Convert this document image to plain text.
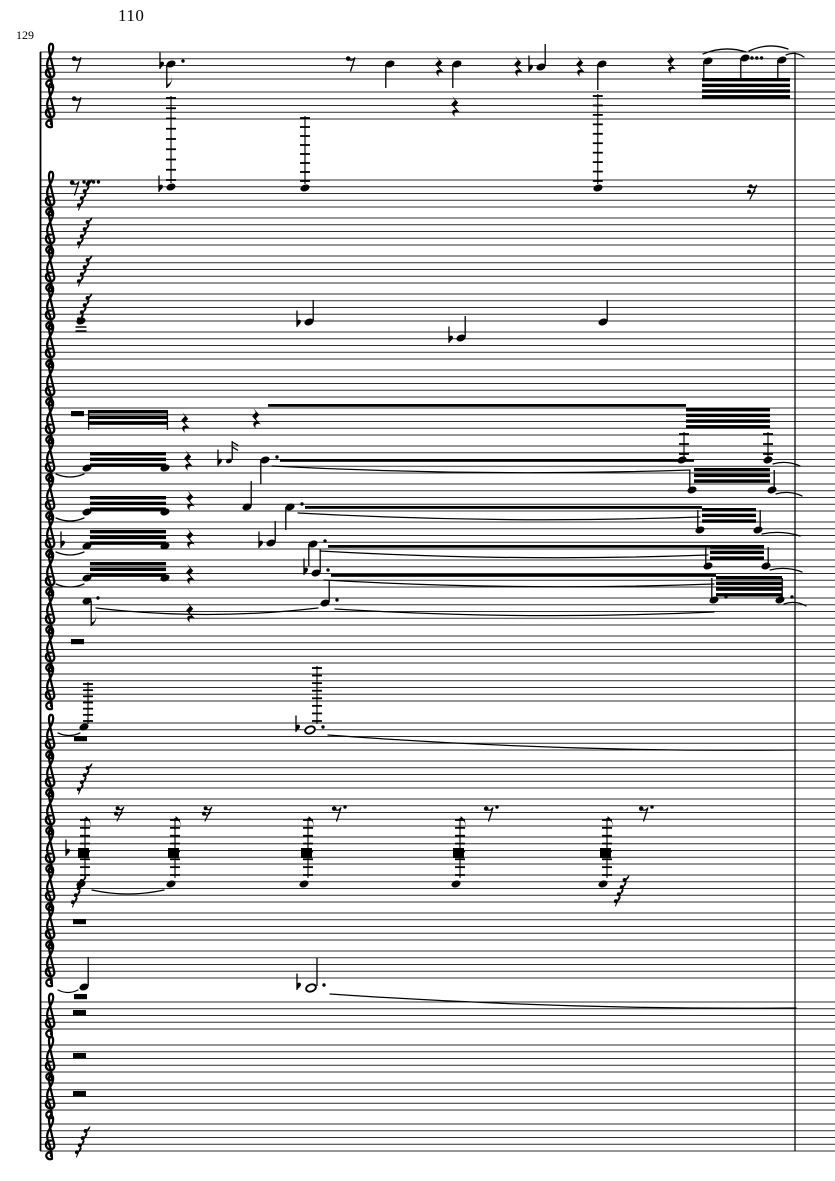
110
129
